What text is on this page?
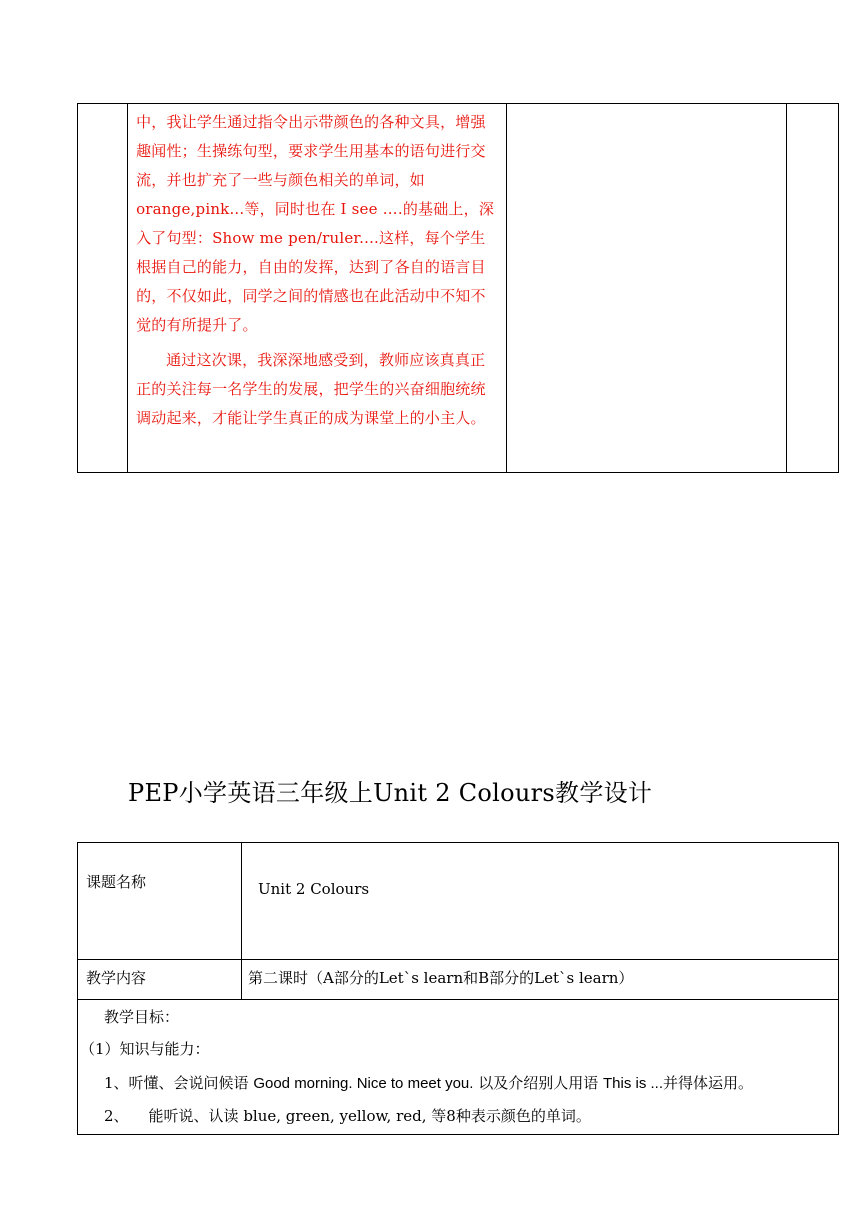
中，我让学生通过指令出示带颜色的各种文具，增强趣闻性；生操练句型，要求学生用基本的语句进行交流，并也扩充了一些与颜色相关的单词，如orange,pink...等，同时也在 I see ….的基础上，深入了句型：Show me pen/ruler....这样，每个学生根据自己的能力，自由的发挥，达到了各自的语言目的，不仅如此，同学之间的情感也在此活动中不知不觉的有所提升了。

通过这次课，我深深地感受到，教师应该真真正正的关注每一名学生的发展，把学生的兴奋细胞统统调动起来，才能让学生真正的成为课堂上的小主人。

PEP小学英语三年级上Unit 2 Colours教学设计
课题名称	Unit 2 Colours
教学内容	第二课时（A部分的Let`s learn和B部分的Let`s learn）

教学目标：
（1）知识与能力：
1、听懂、会说问候语 Good morning. Nice to meet you. 以及介绍别人用语 This is ...并得体运用。
2、 能听说、认读 blue, green, yellow, red, 等8种表示颜色的单词。	
